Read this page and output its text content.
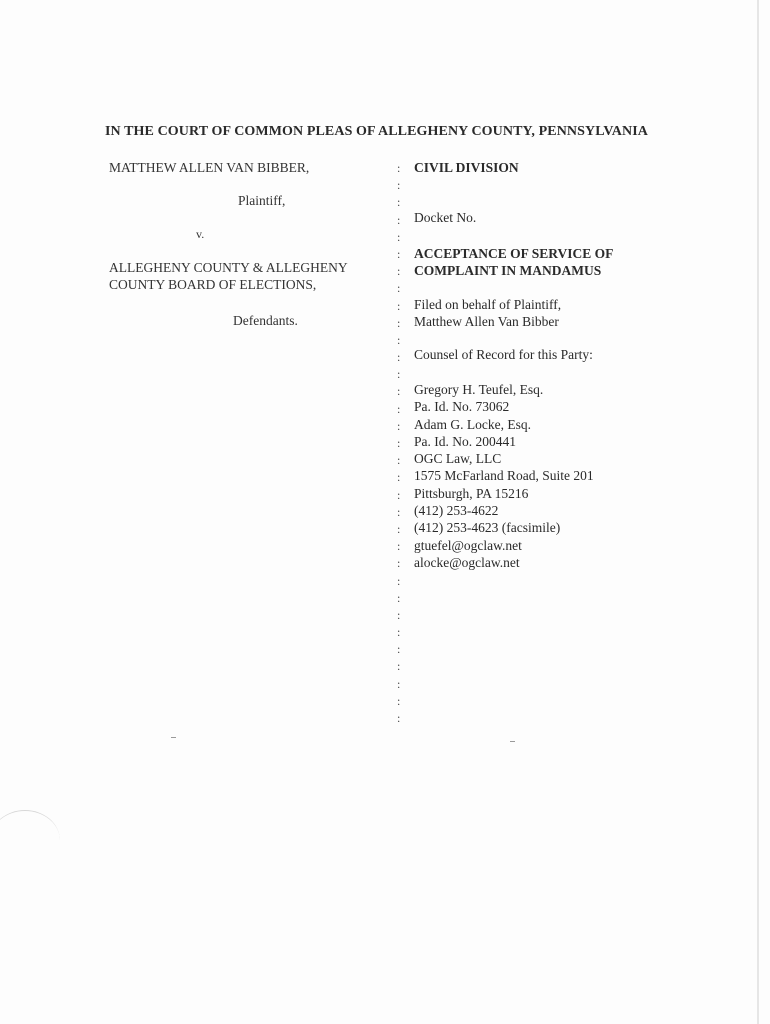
IN THE COURT OF COMMON PLEAS OF ALLEGHENY COUNTY, PENNSYLVANIA
MATTHEW ALLEN VAN BIBBER,
Plaintiff,
v.
ALLEGHENY COUNTY & ALLEGHENY
COUNTY BOARD OF ELECTIONS,
Defendants.
:
:
:
:
:
:
:
:
:
:
:
:
:
:
:
:
:
:
:
:
:
:
:
:
:
:
:
:
:
:
:
:
:
CIVIL DIVISION
Docket No.
ACCEPTANCE OF SERVICE OF
COMPLAINT IN MANDAMUS
Filed on behalf of Plaintiff,
Matthew Allen Van Bibber
Counsel of Record for this Party:
Gregory H. Teufel, Esq.
Pa. Id. No. 73062
Adam G. Locke, Esq.
Pa. Id. No. 200441
OGC Law, LLC
1575 McFarland Road, Suite 201
Pittsburgh, PA 15216
(412) 253-4622
(412) 253-4623 (facsimile)
gtuefel@ogclaw.net
alocke@ogclaw.net
